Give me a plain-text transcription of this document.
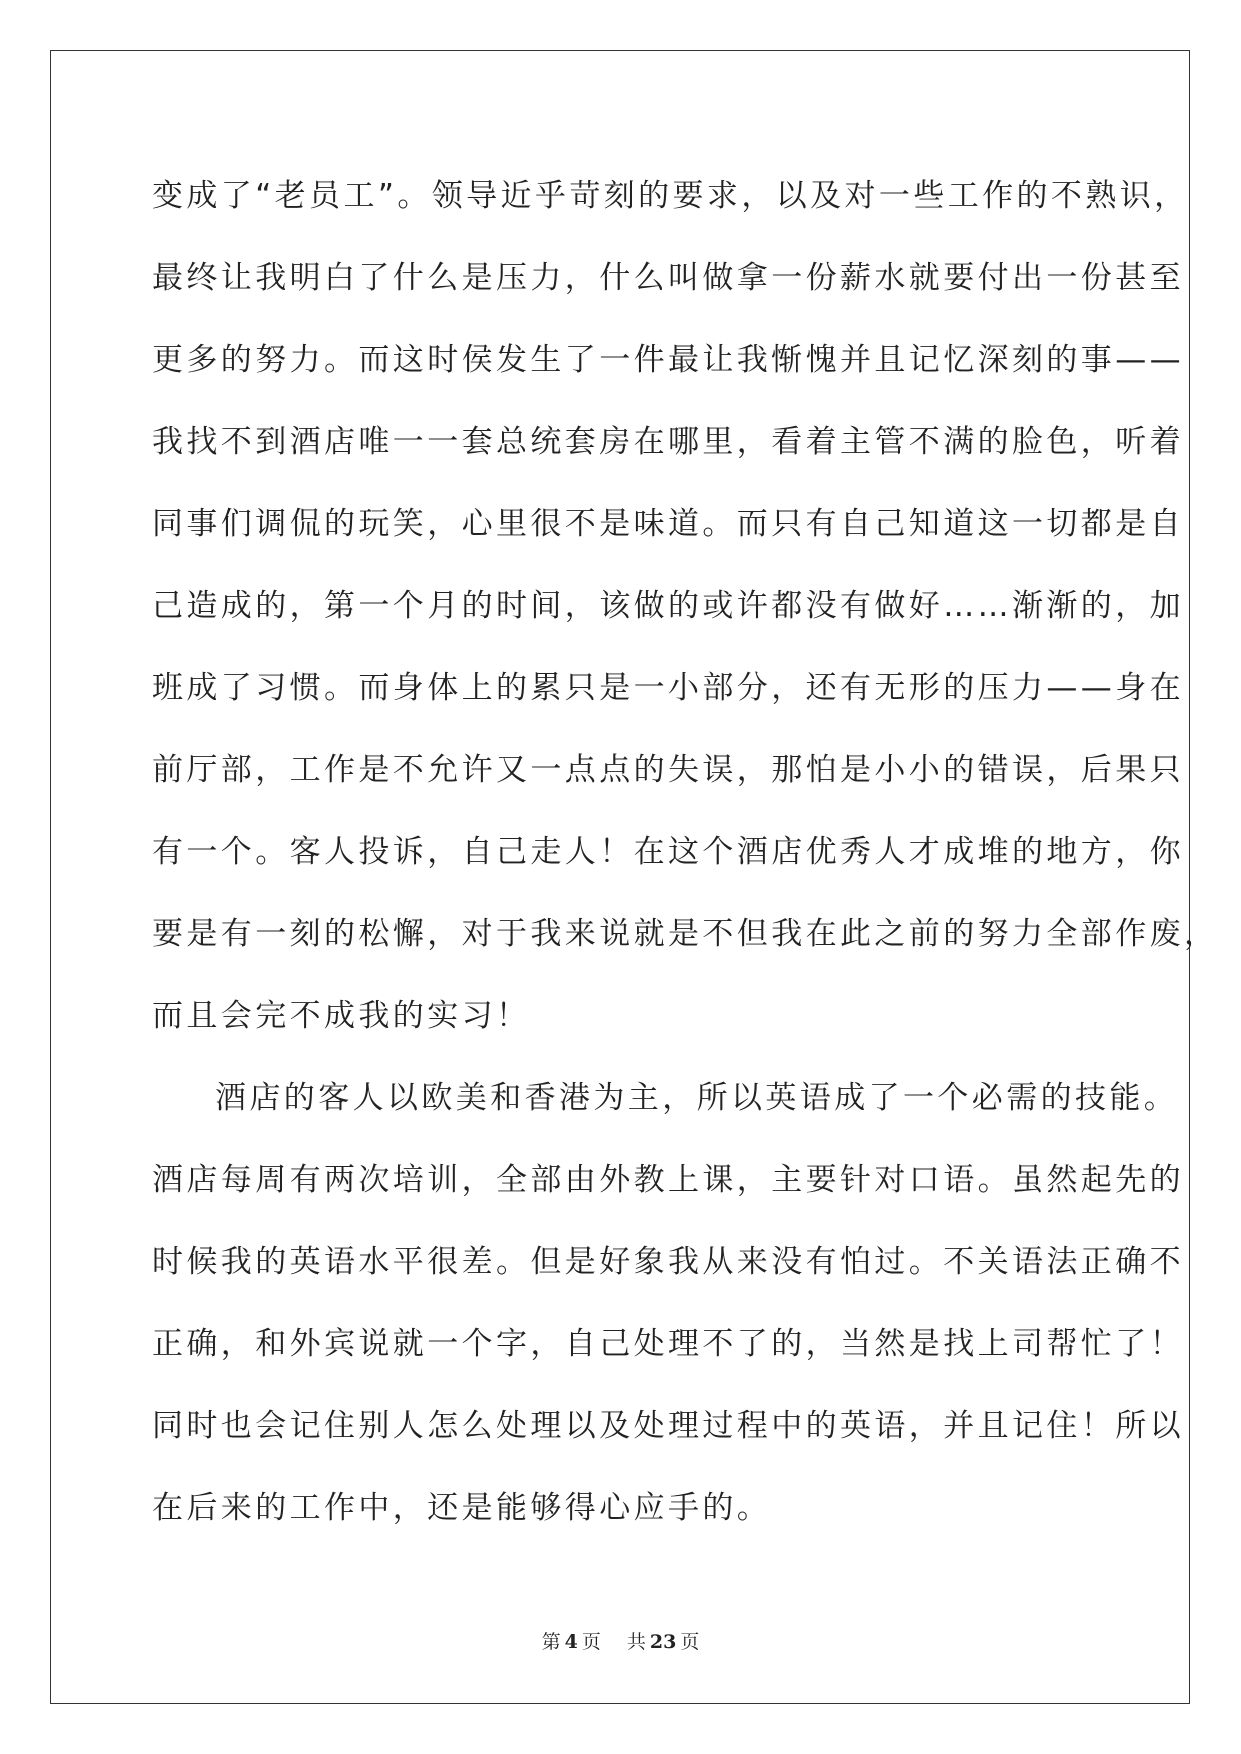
变成了“老员工”。领导近乎苛刻的要求，以及对一些工作的不熟识，
最终让我明白了什么是压力，什么叫做拿一份薪水就要付出一份甚至
更多的努力。而这时侯发生了一件最让我惭愧并且记忆深刻的事——
我找不到酒店唯一一套总统套房在哪里，看着主管不满的脸色，听着
同事们调侃的玩笑，心里很不是味道。而只有自己知道这一切都是自
己造成的，第一个月的时间，该做的或许都没有做好……渐渐的，加
班成了习惯。而身体上的累只是一小部分，还有无形的压力——身在
前厅部，工作是不允许又一点点的失误，那怕是小小的错误，后果只
有一个。客人投诉，自己走人！在这个酒店优秀人才成堆的地方，你
要是有一刻的松懈，对于我来说就是不但我在此之前的努力全部作废，
而且会完不成我的实习！
酒店的客人以欧美和香港为主，所以英语成了一个必需的技能。
酒店每周有两次培训，全部由外教上课，主要针对口语。虽然起先的
时候我的英语水平很差。但是好象我从来没有怕过。不关语法正确不
正确，和外宾说就一个字，自己处理不了的，当然是找上司帮忙了！
同时也会记住别人怎么处理以及处理过程中的英语，并且记住！所以
在后来的工作中，还是能够得心应手的。
第 4 页 共 23 页
